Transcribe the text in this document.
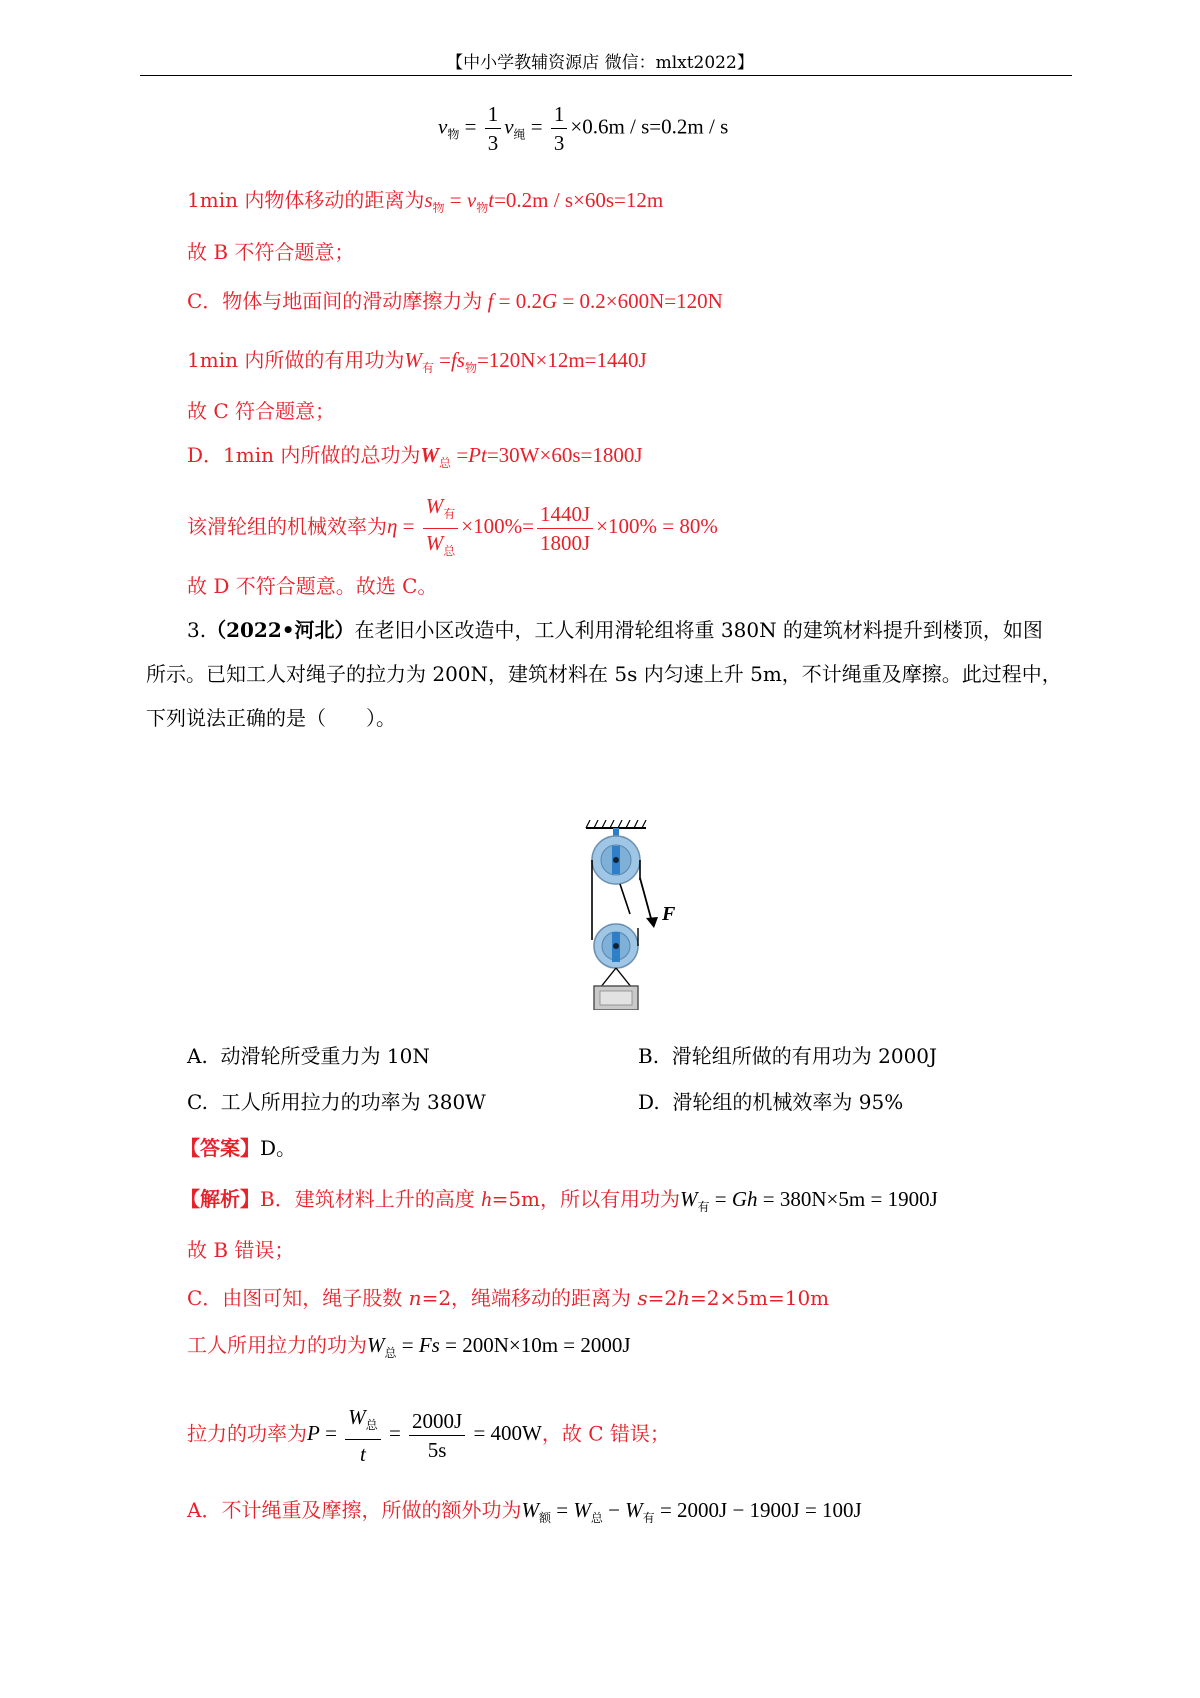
【中小学教辅资源店 微信：mlxt2022】
$v_物 = \frac{1}{3} v_绳 = \frac{1}{3} \times 0.6m / s=0.2m / s$
1min 内物体移动的距离为$s_物 = v_物t=0.2m / s\times 60s=12m$
故 B 不符合题意；
C．物体与地面间的滑动摩擦力为 f = 0.2G = 0.2×600N=120N
1min 内所做的有用功为$W_有 =fs_物=120N\times 12m=1440J$
故 C 符合题意；
D．1min 内所做的总功为$W_总 =Pt=30W\times 60s=1800J$
该滑轮组的机械效率为$\eta = \frac{W_有}{W_总} \times 100\%= \frac{1440J}{1800J} \times 100\% = 80\%$
故 D 不符合题意。故选 C。
3.（2022•河北）在老旧小区改造中，工人利用滑轮组将重 380N 的建筑材料提升到楼顶，如图
所示。已知工人对绳子的拉力为 200N，建筑材料在 5s 内匀速上升 5m，不计绳重及摩擦。此过程中，
下列说法正确的是（　　）。
F
A. 动滑轮所受重力为 10N	B. 滑轮组所做的有用功为 2000J
C. 工人所用拉力的功率为 380W	D. 滑轮组的机械效率为 95%
【答案】D。
【解析】B．建筑材料上升的高度 h=5m，所以有用功为$W_有 = Gh = 380N\times 5m = 1900J$
故 B 错误；
C．由图可知，绳子股数 n=2，绳端移动的距离为 s=2h=2×5m=10m
工人所用拉力的功为$W_总 = Fs = 200N\times 10m = 2000J$
拉力的功率为$P = \frac{W_总}{t} = \frac{2000J}{5s} = 400W$，故 C 错误；
A．不计绳重及摩擦，所做的额外功为$W_额 = W_总 - W_有 = 2000J - 1900J = 100J$
